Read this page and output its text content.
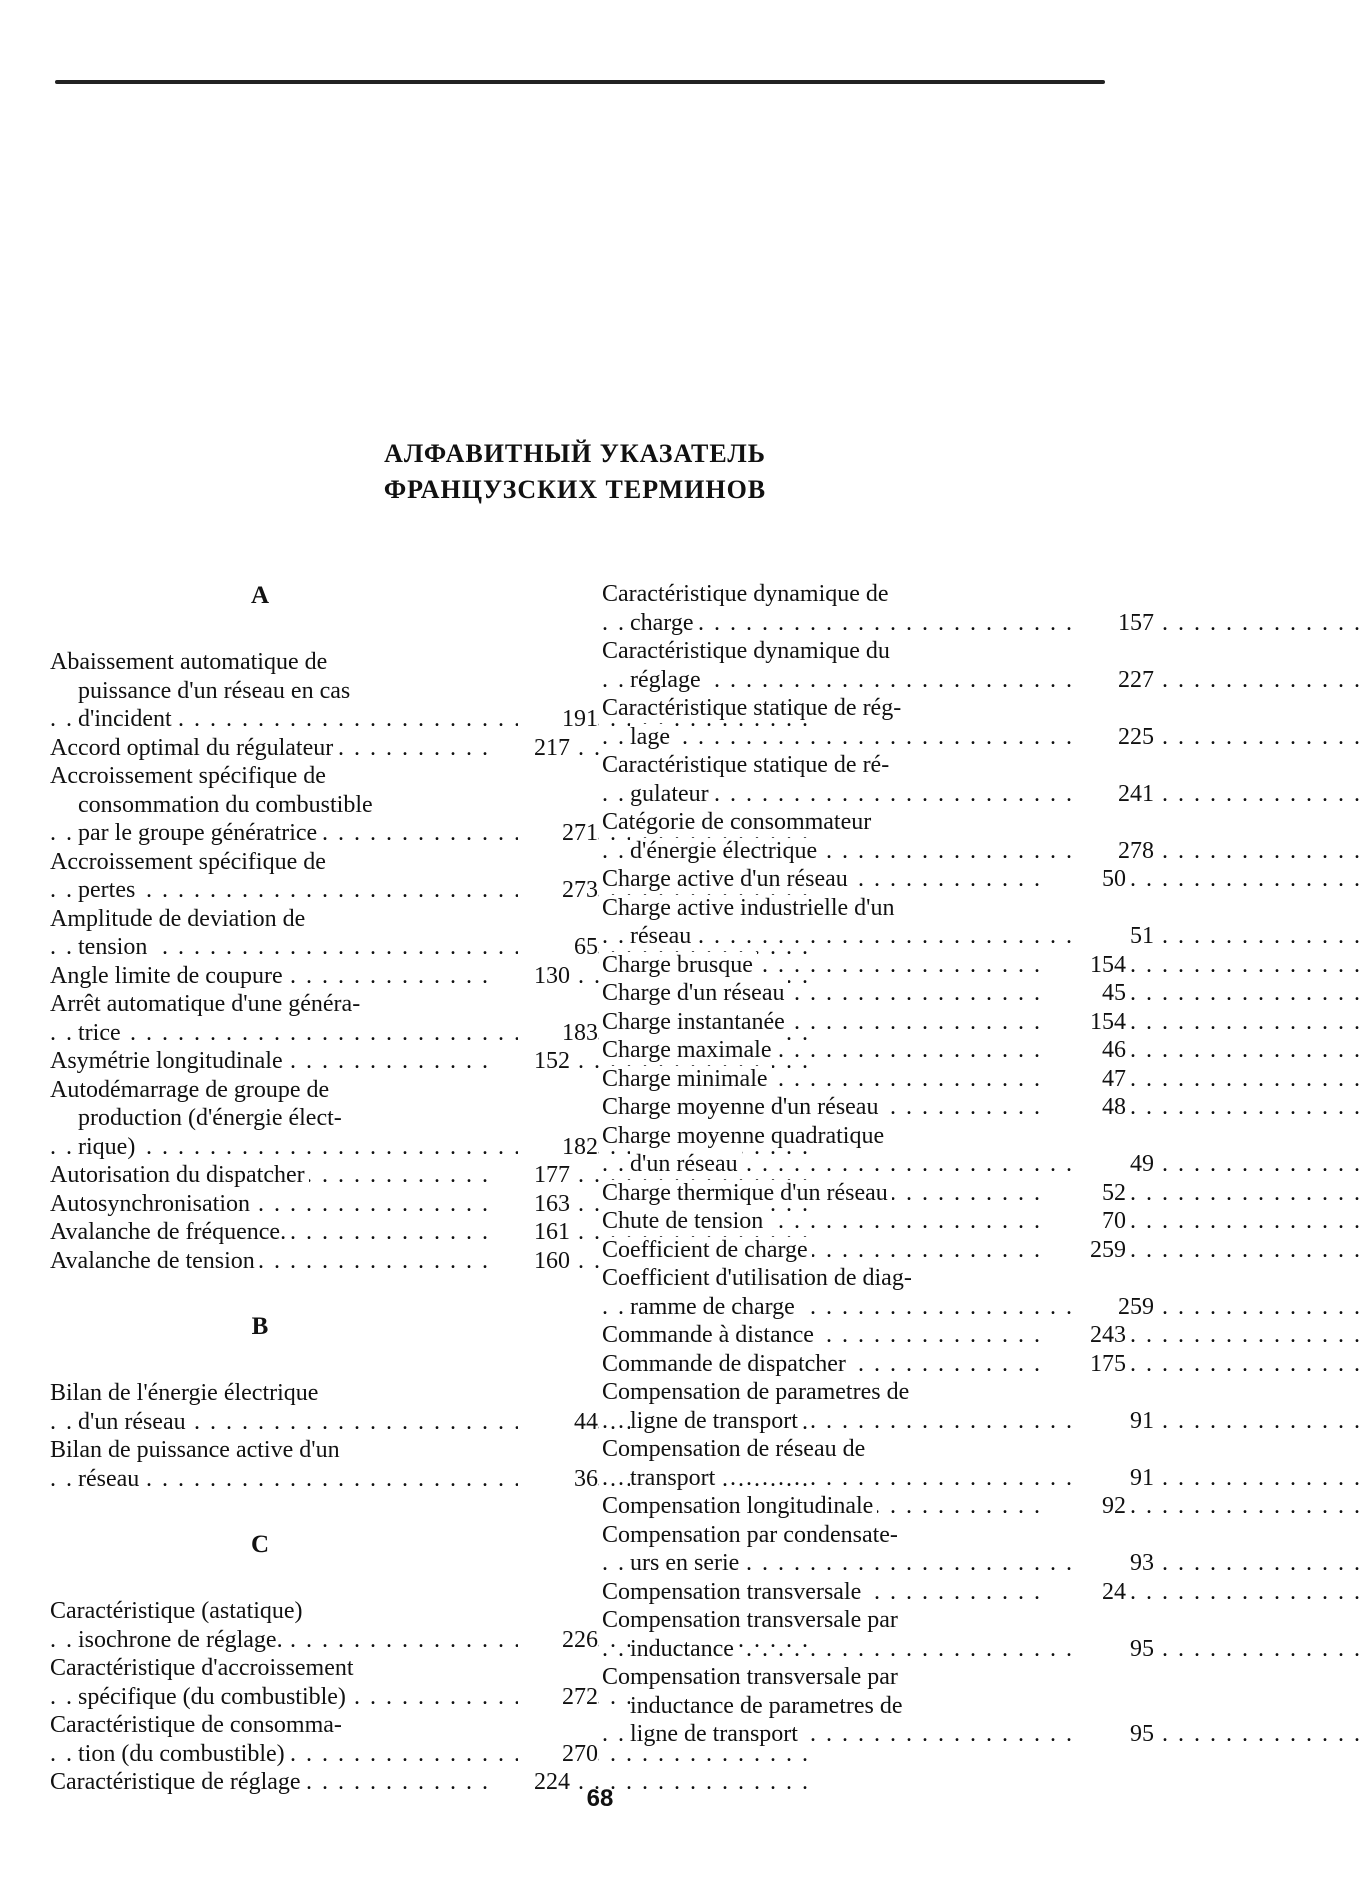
АЛФАВИТНЫЙ УКАЗАТЕЛЬ
ФРАНЦУЗСКИХ ТЕРМИНОВ
A
Abaissement automatique de
puissance d'un réseau en cas
d'incident	191
. . .
Accord optimal du régulateur	217
. . .
Accroissement spécifique de
consommation du combustible
par le groupe génératrice	271
. . .
Accroissement spécifique de
pertes	273
. . .
Amplitude de deviation de
tension	65
. . .
Angle limite de coupure	130
. . .
Arrêt automatique d'une généra-
trice	183
. . .
Asymétrie longitudinale	152
. . .
Autodémarrage de groupe de
production (d'énergie élect-
rique)	182
. . .
Autorisation du dispatcher	177
. . .
Autosynchronisation	163
. . .
Avalanche de fréquence.	161
. . .
Avalanche de tension	160
. . .
B
Bilan de l'énergie électrique
d'un réseau	44
. . .
Bilan de puissance active d'un
réseau	36
. . .
C
Caractéristique (astatique)
isochrone de réglage.	226
. . .
Caractéristique d'accroissement
spécifique (du combustible)	272
. . .
Caractéristique de consomma-
tion (du combustible)	270
. . .
Caractéristique de réglage	224
. . .
Caractéristique dynamique de
charge	157
. . .
Caractéristique dynamique du
réglage	227
. . .
Caractéristique statique de rég-
lage	225
. . .
Caractéristique statique de ré-
gulateur	241
. . .
Catégorie de consommateur
d'énergie électrique	278
. . .
Charge active d'un réseau	50
. . .
Charge active industrielle d'un
réseau	51
. . .
Charge brusque	154
. . .
Charge d'un réseau	45
. . .
Charge instantanée	154
. . .
Charge maximale	46
. . .
Charge minimale	47
. . .
Charge moyenne d'un réseau	48
. . .
Charge moyenne quadratique
d'un réseau	49
. . .
Charge thermique d'un réseau	52
. . .
Chute de tension	70
. . .
Coefficient de charge	259
. . .
Coefficient d'utilisation de diag-
ramme de charge	259
. . .
Commande à distance	243
. . .
Commande de dispatcher	175
. . .
Compensation de parametres de
ligne de transport	91
. . .
Compensation de réseau de
transport	91
. . .
Compensation longitudinale	92
. . .
Compensation par condensate-
urs en serie	93
. . .
Compensation transversale	24
. . .
Compensation transversale par
inductance	95
. . .
Compensation transversale par
inductance de parametres de
ligne de transport	95
. . .
68
